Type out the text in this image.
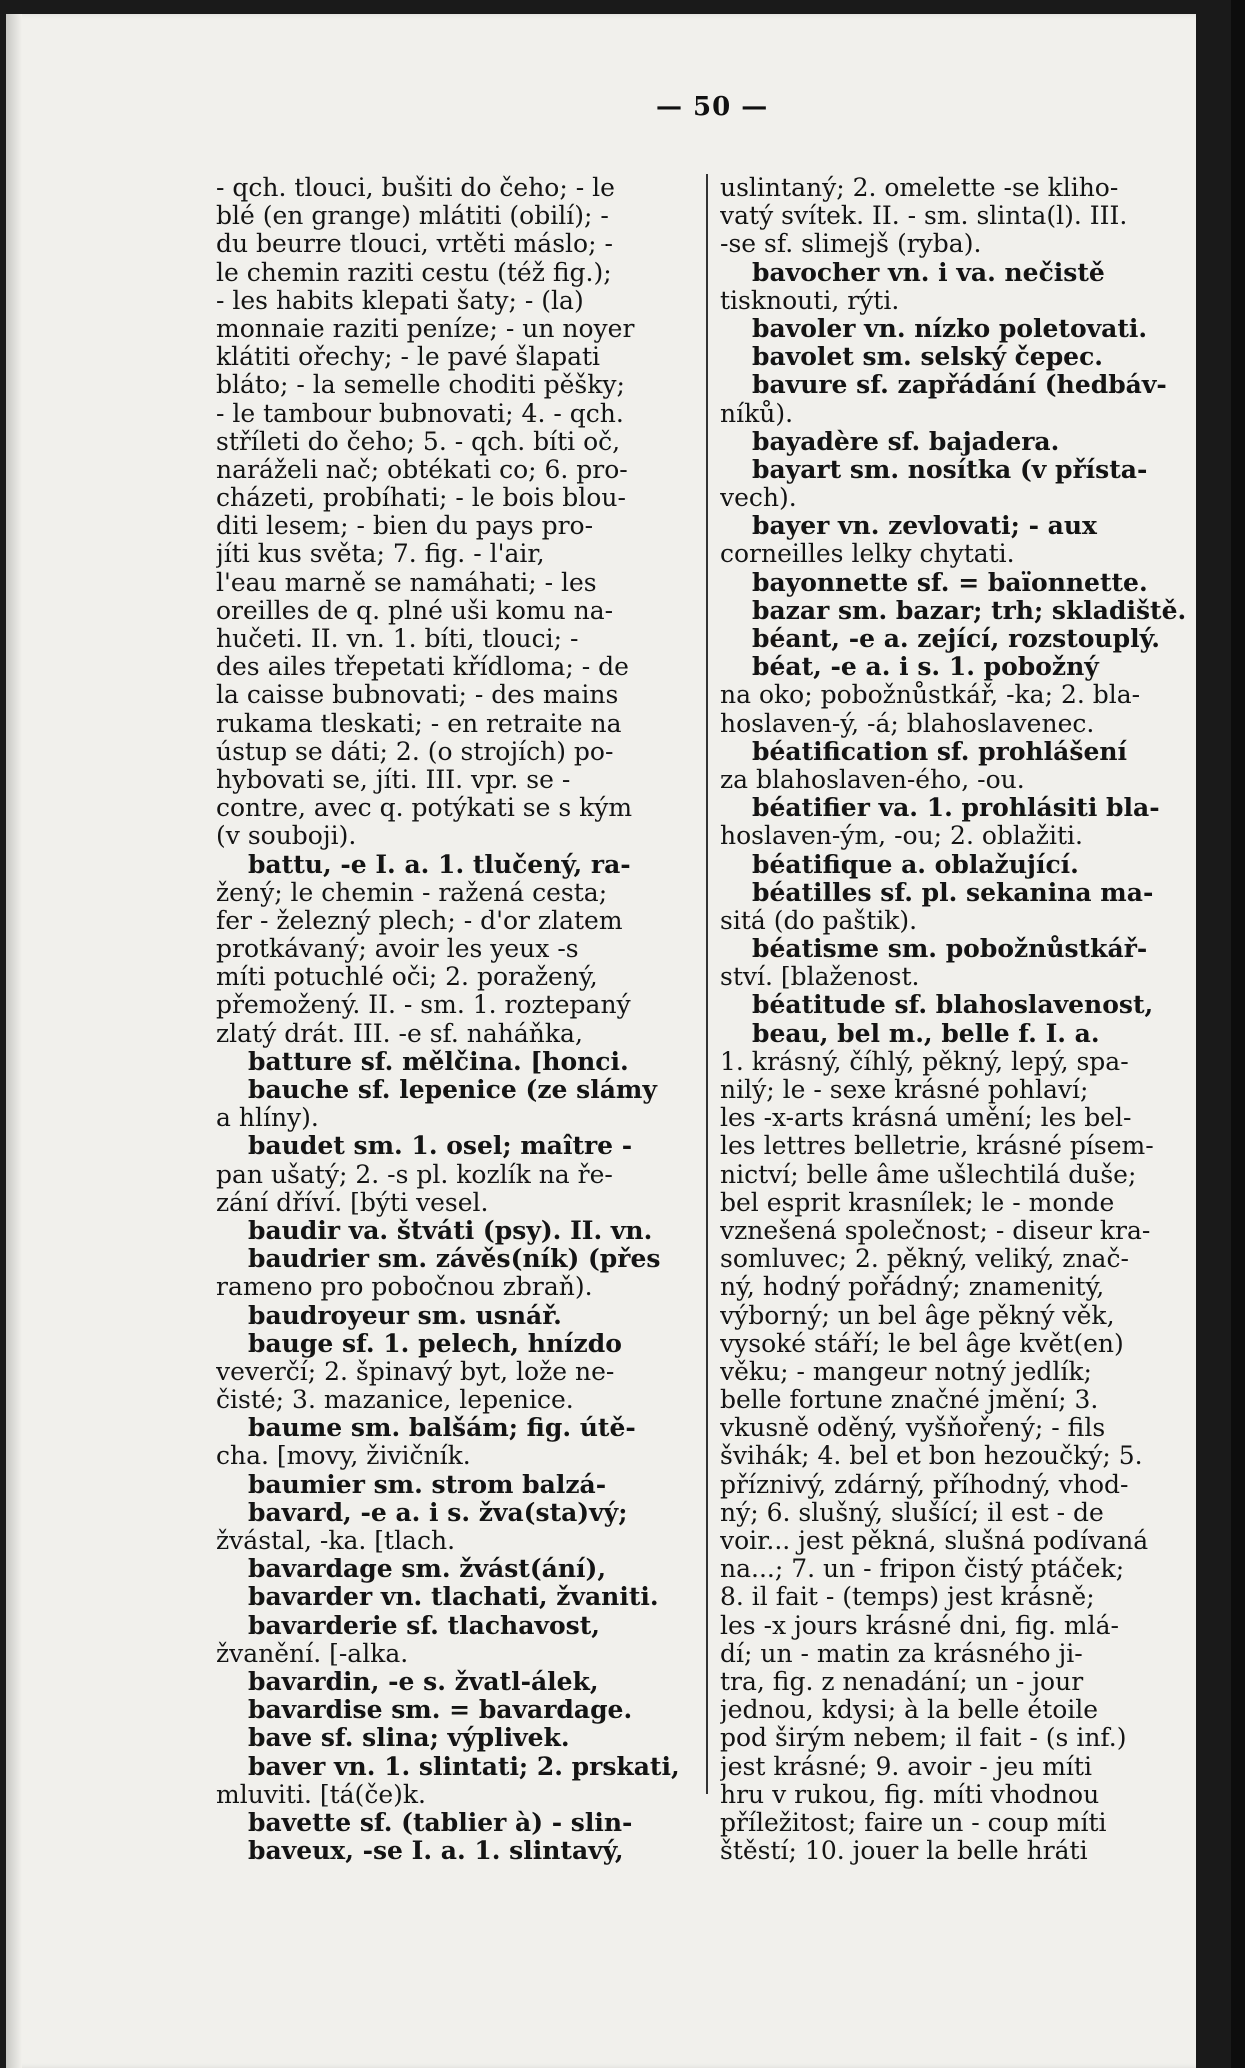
— 50 —
- qch. tlouci, bušiti do čeho; - le
blé (en grange) mlátiti (obilí); -
du beurre tlouci, vrtěti máslo; -
le chemin raziti cestu (též fig.);
- les habits klepati šaty; - (la)
monnaie raziti peníze; - un noyer
klátiti ořechy; - le pavé šlapati
bláto; - la semelle choditi pěšky;
- le tambour bubnovati; 4. - qch.
stříleti do čeho; 5. - qch. bíti oč,
naráželi nač; obtékati co; 6. pro-
cházeti, probíhati; - le bois blou-
diti lesem; - bien du pays pro-
jíti kus světa; 7. fig. - l'air,
l'eau marně se namáhati; - les
oreilles de q. plné uši komu na-
hučeti. II. vn. 1. bíti, tlouci; -
des ailes třepetati křídloma; - de
la caisse bubnovati; - des mains
rukama tleskati; - en retraite na
ústup se dáti; 2. (o strojích) po-
hybovati se, jíti. III. vpr. se -
contre, avec q. potýkati se s kým
(v souboji).
battu, -e I. a. 1. tlučený, ra-
žený; le chemin - ražená cesta;
fer - železný plech; - d'or zlatem
protkávaný; avoir les yeux -s
míti potuchlé oči; 2. poražený,
přemožený. II. - sm. 1. roztepaný
zlatý drát. III. -e sf. naháňka,
batture sf. mělčina. [honci.
bauche sf. lepenice (ze slámy
a hlíny).
baudet sm. 1. osel; maître -
pan ušatý; 2. -s pl. kozlík na ře-
zání dříví. [býti vesel.
baudir va. štváti (psy). II. vn.
baudrier sm. závěs(ník) (přes
rameno pro pobočnou zbraň).
baudroyeur sm. usnář.
bauge sf. 1. pelech, hnízdo
veverčí; 2. špinavý byt, lože ne-
čisté; 3. mazanice, lepenice.
baume sm. balšám; fig. útě-
cha. [movy, živičník.
baumier sm. strom balzá-
bavard, -e a. i s. žva(sta)vý;
žvástal, -ka. [tlach.
bavardage sm. žvást(ání),
bavarder vn. tlachati, žvaniti.
bavarderie sf. tlachavost,
žvanění. [-alka.
bavardin, -e s. žvatl-álek,
bavardise sm. = bavardage.
bave sf. slina; výplivek.
baver vn. 1. slintati; 2. prskati,
mluviti. [tá(če)k.
bavette sf. (tablier à) - slin-
baveux, -se I. a. 1. slintavý,
uslintaný; 2. omelette -se kliho-
vatý svítek. II. - sm. slinta(l). III.
-se sf. slimejš (ryba).
bavocher vn. i va. nečistě
tisknouti, rýti.
bavoler vn. nízko poletovati.
bavolet sm. selský čepec.
bavure sf. zapřádání (hedbáv-
níků).
bayadère sf. bajadera.
bayart sm. nosítka (v přísta-
vech).
bayer vn. zevlovati; - aux
corneilles lelky chytati.
bayonnette sf. = baïonnette.
bazar sm. bazar; trh; skladiště.
béant, -e a. zející, rozstouplý.
béat, -e a. i s. 1. pobožný
na oko; pobožnůstkář, -ka; 2. bla-
hoslaven-ý, -á; blahoslavenec.
béatification sf. prohlášení
za blahoslaven-ého, -ou.
béatifier va. 1. prohlásiti bla-
hoslaven-ým, -ou; 2. oblažiti.
béatifique a. oblažující.
béatilles sf. pl. sekanina ma-
sitá (do paštik).
béatisme sm. pobožnůstkář-
ství. [blaženost.
béatitude sf. blahoslavenost,
beau, bel m., belle f. I. a.
1. krásný, číhlý, pěkný, lepý, spa-
nilý; le - sexe krásné pohlaví;
les -x-arts krásná umění; les bel-
les lettres belletrie, krásné písem-
nictví; belle âme ušlechtilá duše;
bel esprit krasnílek; le - monde
vznešená společnost; - diseur kra-
somluvec; 2. pěkný, veliký, znač-
ný, hodný pořádný; znamenitý,
výborný; un bel âge pěkný věk,
vysoké stáří; le bel âge květ(en)
věku; - mangeur notný jedlík;
belle fortune značné jmění; 3.
vkusně oděný, vyšňořený; - fils
švihák; 4. bel et bon hezoučký; 5.
příznivý, zdárný, příhodný, vhod-
ný; 6. slušný, slušící; il est - de
voir... jest pěkná, slušná podívaná
na...; 7. un - fripon čistý ptáček;
8. il fait - (temps) jest krásně;
les -x jours krásné dni, fig. mlá-
dí; un - matin za krásného ji-
tra, fig. z nenadání; un - jour
jednou, kdysi; à la belle étoile
pod širým nebem; il fait - (s inf.)
jest krásné; 9. avoir - jeu míti
hru v rukou, fig. míti vhodnou
příležitost; faire un - coup míti
štěstí; 10. jouer la belle hráti
